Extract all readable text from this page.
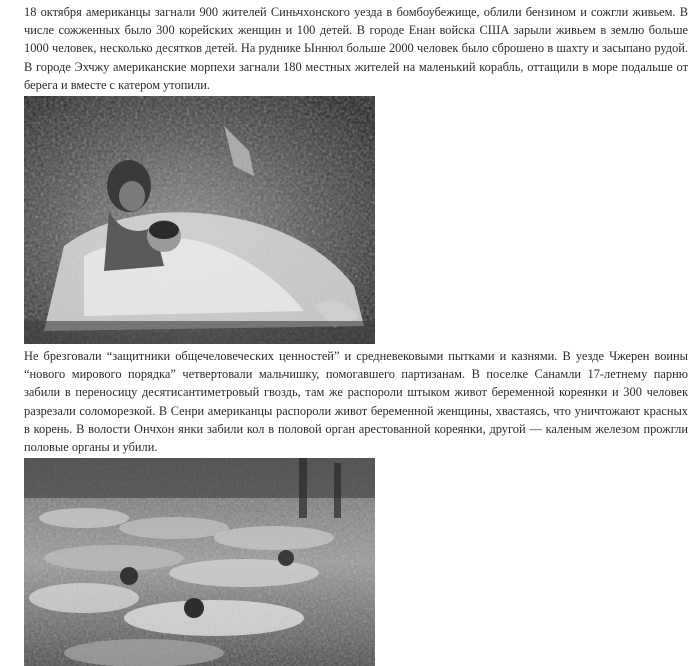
18 октября американцы загнали 900 жителей Синьчхонского уезда в бомбоубежище, облили бензином и сожгли живьем. В числе сожженных было 300 корейских женщин и 100 детей. В городе Енан войска США зарыли живьем в землю больше 1000 человек, несколько десятков детей. На руднике Ыннюл больше 2000 человек было сброшено в шахту и засыпано рудой. В городе Эхчжу американские морпехи загнали 180 местных жителей на маленький корабль, оттащили в море подальше от берега и вместе с катером утопили.

Не брезговали “защитники общечеловеческих ценностей” и средневековыми пытками и казнями. В уезде Чжерен воины “нового мирового порядка” четвертовали мальчишку, помогавшего партизанам. В поселке Санамли 17-летнему парню забили в переносицу десятисантиметровый гвоздь, там же распороли штыком живот беременной кореянки и 300 человек разрезали соломорезкой. В Сенри американцы распороли живот беременной женщины, хвастаясь, что уничтожают красных в корень. В волости Ончхон янки забили кол в половой орган арестованной кореянки, другой — каленым железом прожгли половые органы и убили.
